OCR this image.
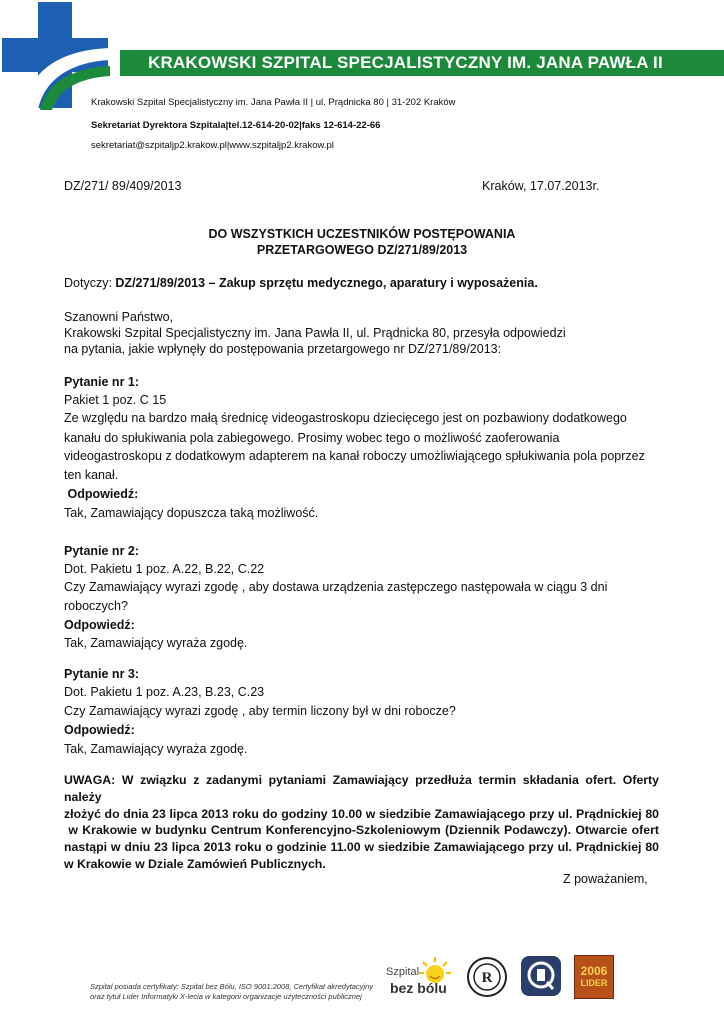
KRAKOWSKI SZPITAL SPECJALISTYCZNY IM. JANA PAWŁA II
Krakowski Szpital Specjalistyczny im. Jana Pawła II | ul. Prądnicka 80 | 31-202 Kraków
Sekretariat Dyrektora Szpitala|tel.12-614-20-02|faks 12-614-22-66
sekretariat@szpitaljp2.krakow.pl|www.szpitaljp2.krakow.pl
DZ/271/ 89/409/2013	Kraków, 17.07.2013r.
DO WSZYSTKICH UCZESTNIKÓW POSTĘPOWANIA
PRZETARGOWEGO DZ/271/89/2013
Dotyczy: DZ/271/89/2013 – Zakup sprzętu medycznego, aparatury i wyposażenia.
Szanowni Państwo,
Krakowski Szpital Specjalistyczny im. Jana Pawła II, ul. Prądnicka 80, przesyła odpowiedzi
na pytania, jakie wpłynęły do postępowania przetargowego nr DZ/271/89/2013:
Pytanie nr 1:
Pakiet 1 poz. C 15
Ze względu na bardzo małą średnicę videogastroskopu dziecięcego jest on pozbawiony dodatkowego
kanału do spłukiwania pola zabiegowego. Prosimy wobec tego o możliwość zaoferowania
videogastroskopu z dodatkowym adapterem na kanał roboczy umożliwiającego spłukiwania pola poprzez
ten kanał.
Odpowiedź:
Tak, Zamawiający dopuszcza taką możliwość.
Pytanie nr 2:
Dot. Pakietu 1 poz. A.22, B.22, C.22
Czy Zamawiający wyrazi zgodę , aby dostawa urządzenia zastępczego następowała w ciągu 3 dni
roboczych?
Odpowiedź:
Tak, Zamawiający wyraża zgodę.
Pytanie nr 3:
Dot. Pakietu 1 poz. A.23, B.23, C.23
Czy Zamawiający wyrazi zgodę , aby termin liczony był w dni robocze?
Odpowiedź:
Tak, Zamawiający wyraża zgodę.
UWAGA: W związku z zadanymi pytaniami Zamawiający przedłuża termin składania ofert. Oferty należy
złożyć do dnia 23 lipca 2013 roku do godziny 10.00 w siedzibie Zamawiającego przy ul. Prądnickiej 80
w Krakowie w budynku Centrum Konferencyjno-Szkoleniowym (Dziennik Podawczy). Otwarcie ofert
nastąpi w dniu 23 lipca 2013 roku o godzinie 11.00 w siedzibie Zamawiającego przy ul. Prądnickiej 80
w Krakowie w Dziale Zamówień Publicznych.
Z poważaniem,
Szpital posiada certyfikaty: Szpital bez Bólu, ISO 9001:2008, Certyfikat akredytacyjny
oraz tytuł Lider Informatyki X-lecia w kategorii organizacje użyteczności publicznej
Szpital
bez bólu
R	2006
LIDER
